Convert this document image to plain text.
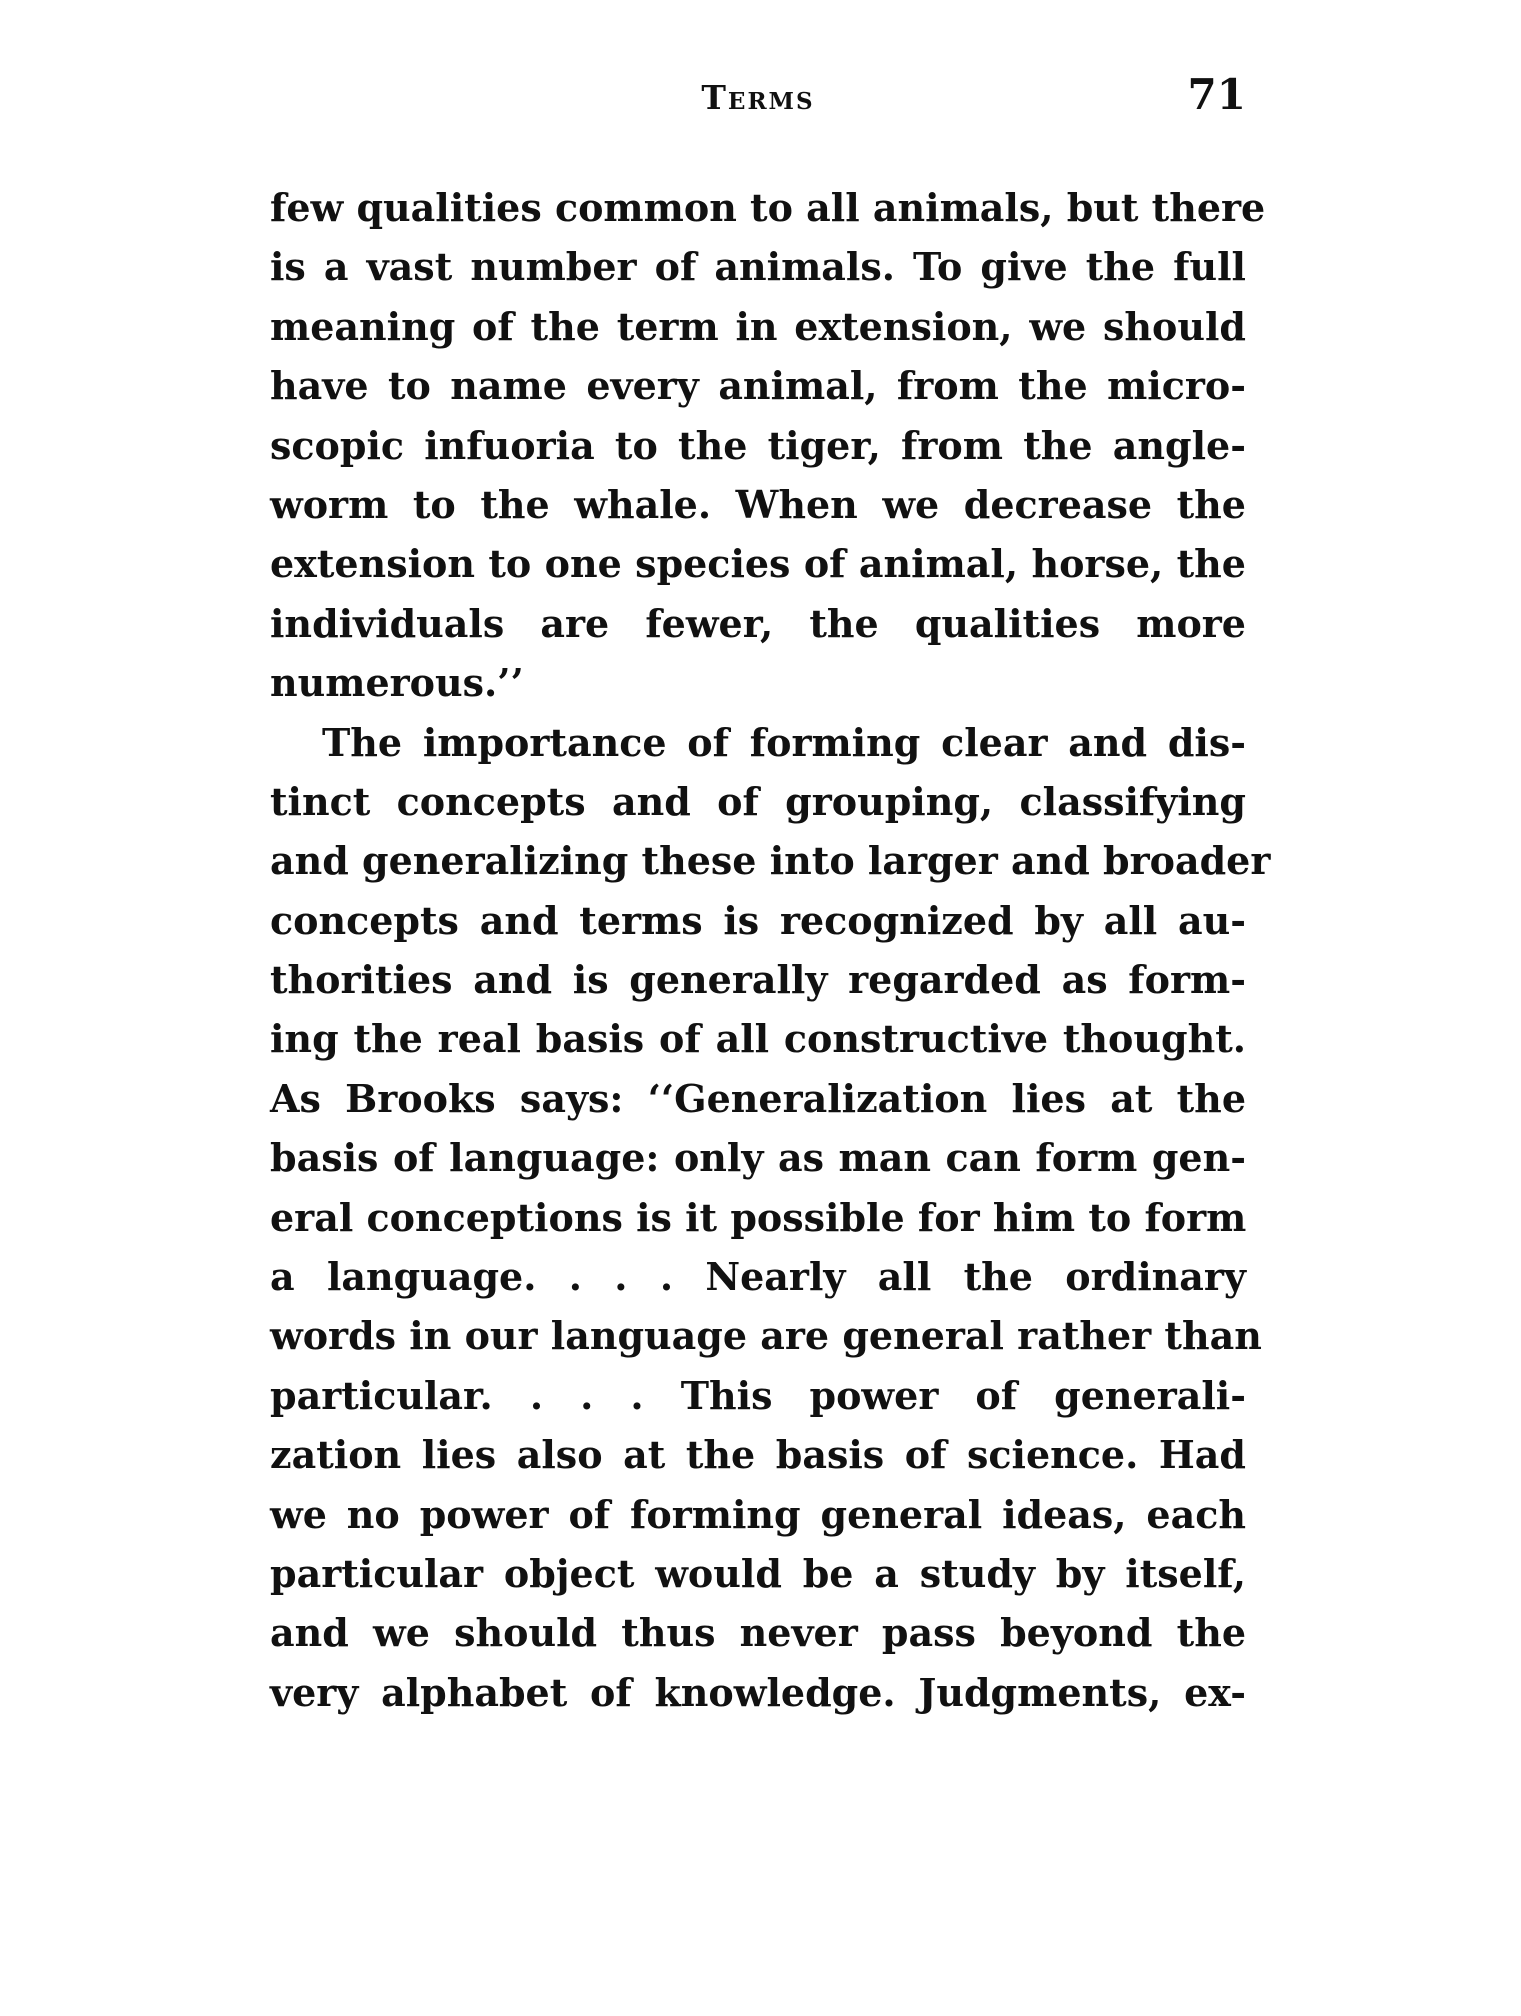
Terms	71
few qualities common to all animals, but there
is a vast number of animals. To give the full
meaning of the term in extension, we should
have to name every animal, from the micro-
scopic infuoria to the tiger, from the angle-
worm to the whale. When we decrease the
extension to one species of animal, horse, the
individuals are fewer, the qualities more
numerous.’’
The importance of forming clear and dis-
tinct concepts and of grouping, classifying
and generalizing these into larger and broader
concepts and terms is recognized by all au-
thorities and is generally regarded as form-
ing the real basis of all constructive thought.
As Brooks says: ‘‘Generalization lies at the
basis of language: only as man can form gen-
eral conceptions is it possible for him to form
a language. . . . Nearly all the ordinary
words in our language are general rather than
particular. . . . This power of generali-
zation lies also at the basis of science. Had
we no power of forming general ideas, each
particular object would be a study by itself,
and we should thus never pass beyond the
very alphabet of knowledge. Judgments, ex-
